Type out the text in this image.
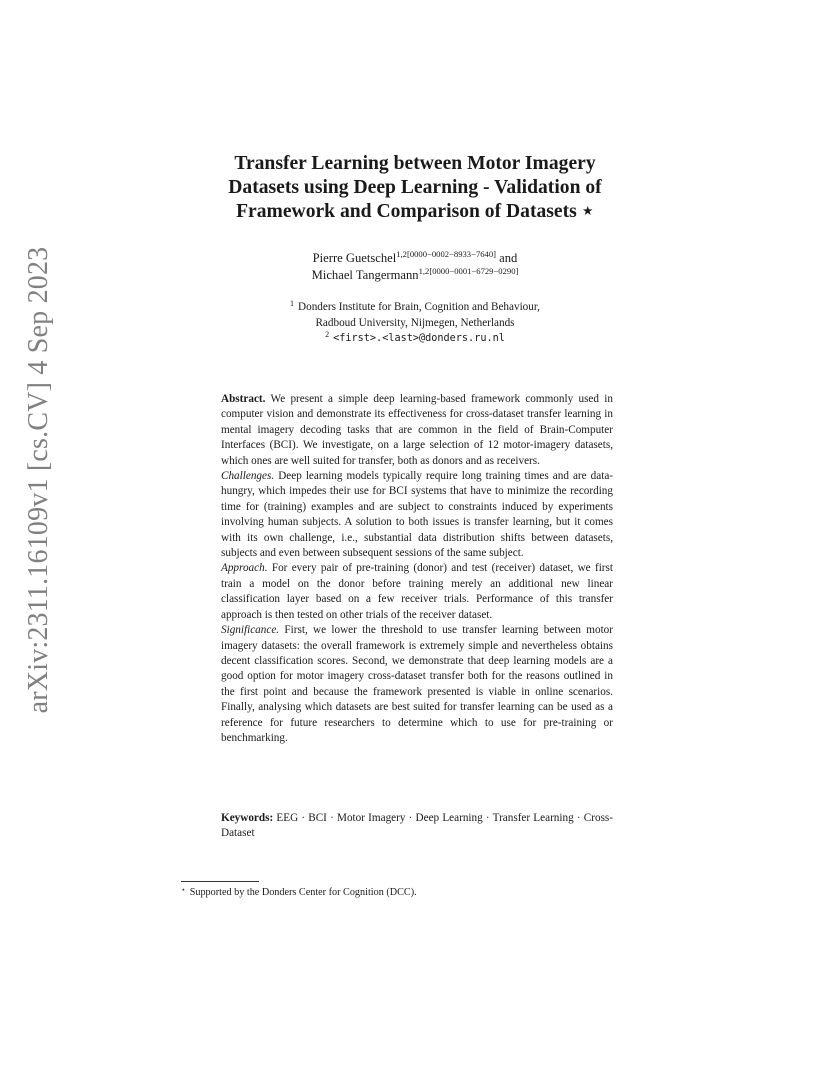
arXiv:2311.16109v1 [cs.CV] 4 Sep 2023
Transfer Learning between Motor Imagery
Datasets using Deep Learning - Validation of
Framework and Comparison of Datasets ⋆
Pierre Guetschel$^{1,2[0000-0002-8933-7640]}$ and
Michael Tangermann$^{1,2[0000-0001-6729-0290]}$
$^1$ Donders Institute for Brain, Cognition and Behaviour,
Radboud University, Nijmegen, Netherlands
$^2$ <first>.<last>@donders.ru.nl

Abstract. We present a simple deep learning-based framework commonly used in computer vision and demonstrate its effectiveness for cross-dataset transfer learning in mental imagery decoding tasks that are common in the field of Brain-Computer Interfaces (BCI). We investigate, on a large selection of 12 motor-imagery datasets, which ones are well suited for transfer, both as donors and as receivers.

Challenges. Deep learning models typically require long training times and are data-hungry, which impedes their use for BCI systems that have to minimize the recording time for (training) examples and are subject to constraints induced by experiments involving human subjects. A solution to both issues is transfer learning, but it comes with its own challenge, i.e., substantial data distribution shifts between datasets, subjects and even between subsequent sessions of the same subject.

Approach. For every pair of pre-training (donor) and test (receiver) dataset, we first train a model on the donor before training merely an additional new linear classification layer based on a few receiver trials. Performance of this transfer approach is then tested on other trials of the receiver dataset.

Significance. First, we lower the threshold to use transfer learning between motor imagery datasets: the overall framework is extremely simple and nevertheless obtains decent classification scores. Second, we demonstrate that deep learning models are a good option for motor imagery cross-dataset transfer both for the reasons outlined in the first point and because the framework presented is viable in online scenarios. Finally, analysing which datasets are best suited for transfer learning can be used as a reference for future researchers to determine which to use for pre-training or benchmarking.

Keywords: EEG · BCI · Motor Imagery · Deep Learning · Transfer Learning · Cross-Dataset
⋆ Supported by the Donders Center for Cognition (DCC).
